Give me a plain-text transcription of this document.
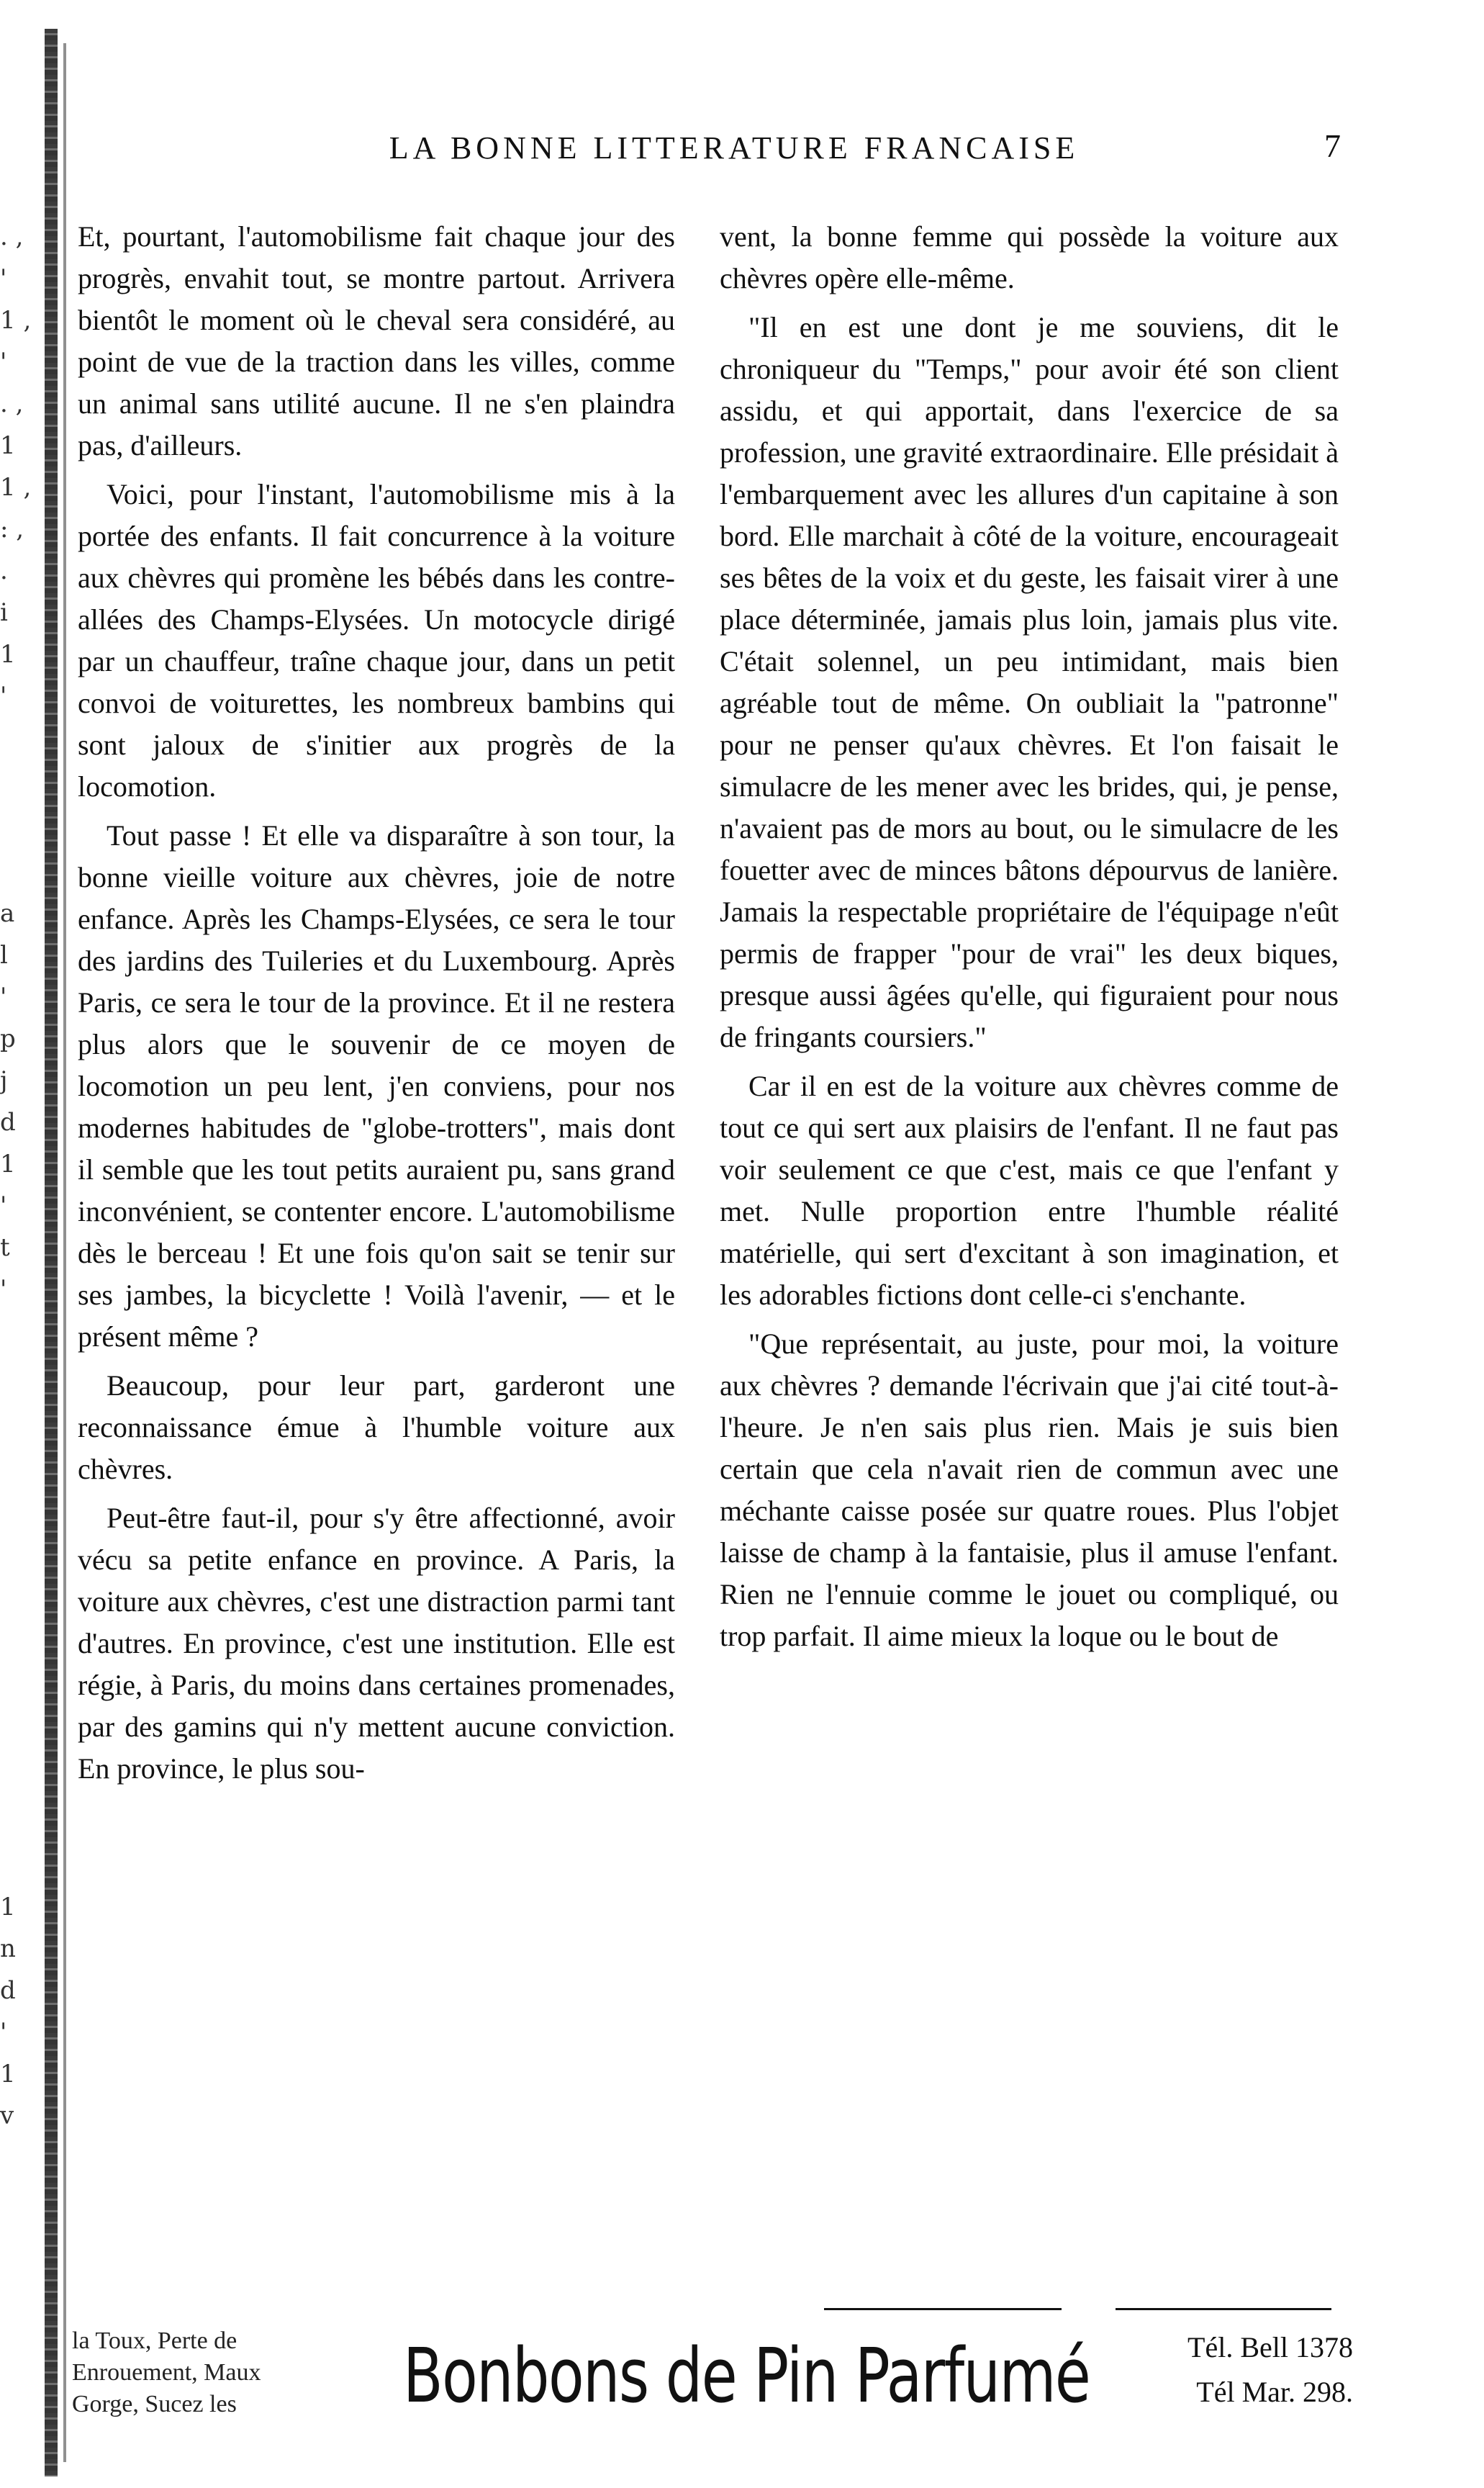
. ,
'
1 ,
'
. ,
1
1 ,
: ,
.
i
1
'
a
l
'
p
j
d
1
'
t
'
1
n
d
'
1
v
LA BONNE LITTERATURE FRANCAISE	7

Et, pourtant, l'automobilisme fait chaque jour des progrès, envahit tout, se montre partout. Arrivera bientôt le moment où le cheval sera considéré, au point de vue de la traction dans les villes, comme un animal sans utilité aucune. Il ne s'en plaindra pas, d'ailleurs.

Voici, pour l'instant, l'automobilisme mis à la portée des enfants. Il fait concurrence à la voiture aux chèvres qui promène les bébés dans les contre-allées des Champs-Elysées. Un motocycle dirigé par un chauffeur, traîne chaque jour, dans un petit convoi de voiturettes, les nombreux bambins qui sont jaloux de s'initier aux progrès de la locomotion.

Tout passe ! Et elle va disparaître à son tour, la bonne vieille voiture aux chèvres, joie de notre enfance. Après les Champs-Elysées, ce sera le tour des jardins des Tuileries et du Luxembourg. Après Paris, ce sera le tour de la province. Et il ne restera plus alors que le souvenir de ce moyen de locomotion un peu lent, j'en conviens, pour nos modernes habitudes de "globe-trotters", mais dont il semble que les tout petits auraient pu, sans grand inconvénient, se contenter encore. L'automobilisme dès le berceau ! Et une fois qu'on sait se tenir sur ses jambes, la bicyclette ! Voilà l'avenir, — et le présent même ?

Beaucoup, pour leur part, garderont une reconnaissance émue à l'humble voiture aux chèvres.

Peut-être faut-il, pour s'y être affectionné, avoir vécu sa petite enfance en province. A Paris, la voiture aux chèvres, c'est une distraction parmi tant d'autres. En province, c'est une institution. Elle est régie, à Paris, du moins dans certaines promenades, par des gamins qui n'y mettent aucune conviction. En province, le plus sou-

vent, la bonne femme qui possède la voiture aux chèvres opère elle-même.

"Il en est une dont je me souviens, dit le chroniqueur du "Temps," pour avoir été son client assidu, et qui apportait, dans l'exercice de sa profession, une gravité extraordinaire. Elle présidait à l'embarquement avec les allures d'un capitaine à son bord. Elle marchait à côté de la voiture, encourageait ses bêtes de la voix et du geste, les faisait virer à une place déterminée, jamais plus loin, jamais plus vite. C'était solennel, un peu intimidant, mais bien agréable tout de même. On oubliait la "patronne" pour ne penser qu'aux chèvres. Et l'on faisait le simulacre de les mener avec les brides, qui, je pense, n'avaient pas de mors au bout, ou le simulacre de les fouetter avec de minces bâtons dépourvus de lanière. Jamais la respectable propriétaire de l'équipage n'eût permis de frapper "pour de vrai" les deux biques, presque aussi âgées qu'elle, qui figuraient pour nous de fringants coursiers."

Car il en est de la voiture aux chèvres comme de tout ce qui sert aux plaisirs de l'enfant. Il ne faut pas voir seulement ce que c'est, mais ce que l'enfant y met. Nulle proportion entre l'humble réalité matérielle, qui sert d'excitant à son imagination, et les adorables fictions dont celle-ci s'enchante.

"Que représentait, au juste, pour moi, la voiture aux chèvres ? demande l'écrivain que j'ai cité tout-à-l'heure. Je n'en sais plus rien. Mais je suis bien certain que cela n'avait rien de commun avec une méchante caisse posée sur quatre roues. Plus l'objet laisse de champ à la fantaisie, plus il amuse l'enfant. Rien ne l'ennuie comme le jouet ou compliqué, ou trop parfait. Il aime mieux la loque ou le bout de

la Toux, Perte de
Enrouement, Maux
Gorge, Sucez les	Bonbons de Pin Parfumé	Tél. Bell 1378
Tél Mar. 298.
